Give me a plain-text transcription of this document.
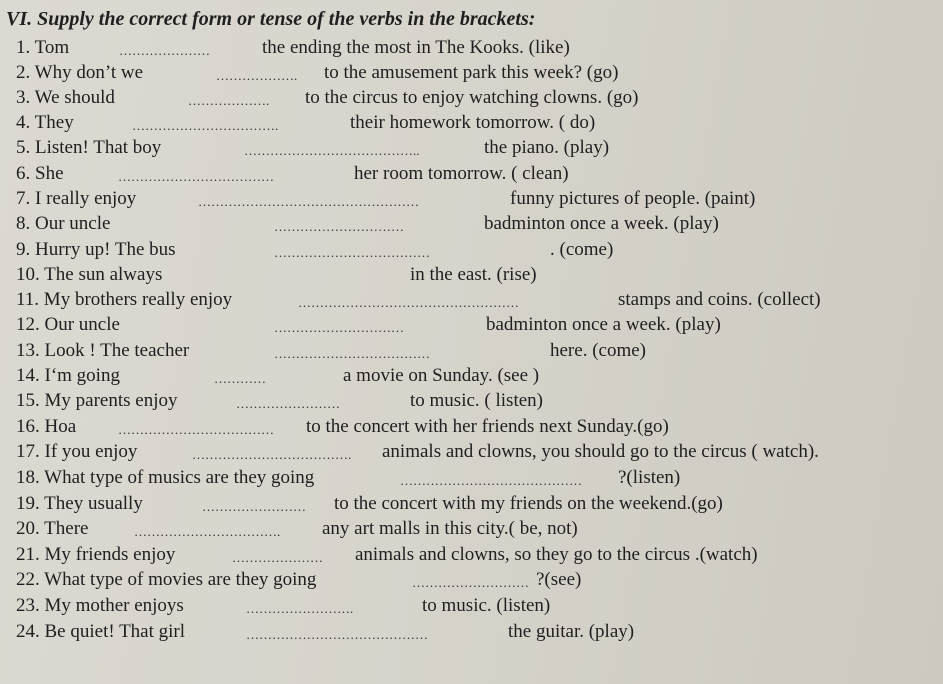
VI. Supply the correct form or tense of the verbs in the brackets:
1. Tom	…………………	the ending the most in The Kooks. (like)
2. Why don’t we	……………….	to the amusement park this week? (go)
3. We should	……………….	to the circus to enjoy watching clowns. (go)
4. They	…………………………….	their homework tomorrow. ( do)
5. Listen! That boy	…………………………………..	the piano. (play)
6. She	………………………………	her room tomorrow. ( clean)
7. I really enjoy	……………………………………………	funny pictures of people. (paint)
8. Our uncle	…………………………	badminton once a week. (play)
9. Hurry up! The bus	………………………………	. (come)
10. The sun always	in the east. (rise)
11. My brothers really enjoy	……………………………………………	stamps and coins. (collect)
12. Our uncle	…………………………	badminton once a week. (play)
13. Look ! The teacher	………………………………	here. (come)
14. I‘m going	…………	a movie on Sunday. (see )
15. My parents enjoy	……………………	to music. ( listen)
16. Hoa	………………………………	to the concert with her friends next Sunday.(go)
17. If you enjoy	……………………………….	animals and clowns, you should go to the circus ( watch).
18. What type of musics are they going	……………………………………	?(listen)
19. They usually	……………………	to the concert with my friends on the weekend.(go)
20. There	…………………………….	any art malls in this city.( be, not)
21. My friends enjoy	…………………	animals and clowns, so they go to the circus .(watch)
22. What type of movies are they going	……………………… ?(see)
23. My mother enjoys	…………………….	to music. (listen)
24. Be quiet! That girl	……………………………………	the guitar. (play)
